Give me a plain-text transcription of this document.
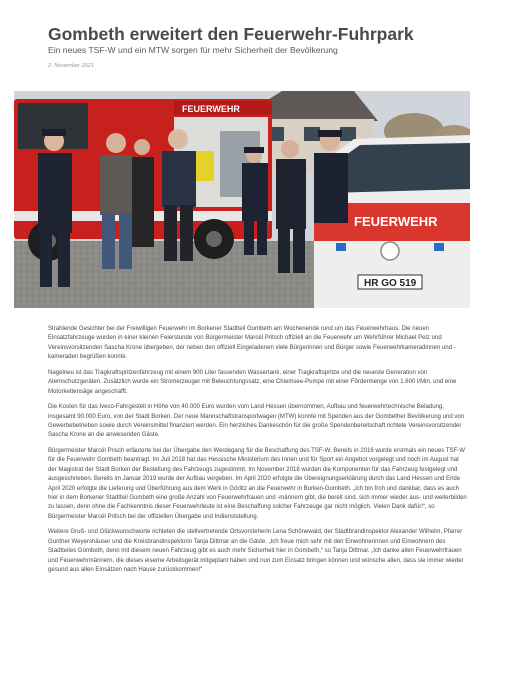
Gombeth erweitert den Feuerwehr-Fuhrpark
Ein neues TSF-W und ein MTW sorgen für mehr Sicherheit der Bevölkerung
2. November 2021
FEUERWEHR
FEUERWEHR
HR GO 519

Strahlende Gesichter bei der Freiwilligen Feuerwehr im Borkener Stadtteil Gombeth am Wochenende rund um das Feuerwehrhaus. Die neuen Einsatzfahrzeuge wurden in einer kleinen Feierstunde von Bürgermeister Marcél Pritsch offiziell an die Feuerwehr um Wehrführer Michael Pelz und Vereinsvorsitzenden Sascha Krone übergeben, der neben den offiziell Eingeladenen viele Bürgerinnen und Bürger sowie Feuerwehrkameradinnen und -kameraden begrüßen konnte.

Nagelneu ist das Tragkraftspritzenfahrzeug mit einem 900 Liter fassenden Wassertank, einer Tragkraftspritze und die neueste Generation von Atemschutzgeräten. Zusätzlich wurde ein Stromerzeuger mit Beleuchtungssatz, eine Chiemsee-Pumpe mit einer Fördermenge von 1.600 l/Min. und eine Motorkettensäge angeschafft.

Die Kosten für das Iveco-Fahrgestell in Höhe von 40.000 Euro wurden vom Land Hessen übernommen, Aufbau und feuerwehrtechnische Beladung, insgesamt 90.000 Euro, von der Stadt Borken. Der neue Mannschaftstransportwagen (MTW) konnte mit Spenden aus der Gombether Bevölkerung und von Gewerbebetrieben sowie durch Vereinsmittel finanziert werden. Ein herzliches Dankeschön für die große Spendenbereitschaft richtete Vereinsvorsitzender Sascha Krone an die anwesenden Gäste.

Bürgermeister Marcél Prisch erläuterte bei der Übergabe den Werdegang für die Beschaffung des TSF-W. Bereits in 2016 wurde erstmals ein neues TSF-W für die Feuerwehr Gombeth beantragt. Im Juli 2018 hat das Hessische Ministerium des Innen und für Sport ein Angebot vorgelegt und noch im August hat der Magistrat der Stadt Borken der Bestellung des Fahrzeugs zugestimmt. Im November 2018 wurden die Komponenten für das Fahrzeug festgelegt und ausgeschrieben. Bereits im Januar 2019 wurde der Aufbau vergeben. Im April 2020 erfolgte die Übereignungserklärung durch das Land Hessen und Ende April 2020 erfolgte die Lieferung und Überführung aus dem Werk in Görlitz an die Feuerwehr in Borken-Gombeth. „Ich bin froh und dankbar, dass es auch hier in dem Borkener Stadtteil Gombeth eine große Anzahl von Feuerwehrfrauen und -männern gibt, die bereit sind, sich immer wieder aus- und weiterbilden zu lassen, denn ohne die Fachkenntnis dieser Feuerwehrleute ist eine Beschaffung solcher Fahrzeuge gar nicht möglich. Vielen Dank dafür!“, so Bürgermeister Marcél Pritsch bei der offiziellen Übergabe und Indienststellung.

Weitere Gruß- und Glückwunschworte richteten die stellvertretende Ortsvorsteherin Lena Schönewald, der Stadtbrandinspektor Alexander Wilhelm, Pfarrer Gunther Weyershäuser und die Kreisbrandinspektorin Tanja Dittmar an die Gäste. „Ich freue mich sehr mit den Einwohnerinnen und Einwohnern des Stadtteiles Gombeth, denn mit diesem neuen Fahrzeug gibt es auch mehr Sicherheit hier in Gombeth,“ so Tanja Dittmar. „Ich danke allen Feuerwehrfrauen und Feuerwehrmännern, die dieses eiserne Arbeitsgerät mitgeplant haben und nun zum Einsatz bringen können und wünsche allen, dass sie immer wieder gesund aus allen Einsätzen nach Hause zurückkommen!“
